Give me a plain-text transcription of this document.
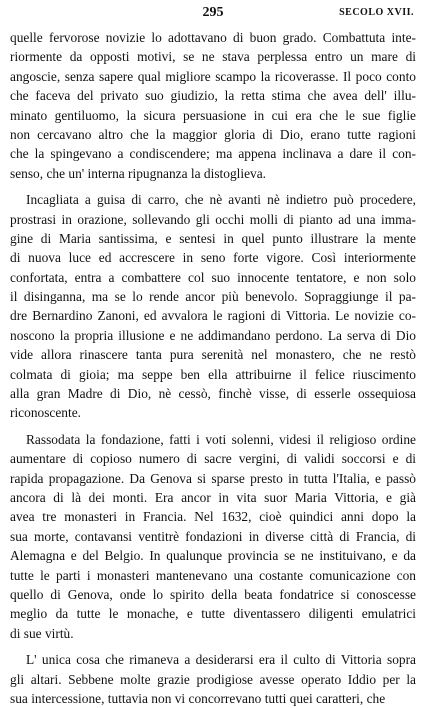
295	SECOLO XVII.
quelle fervorose novizie lo adottavano di buon grado. Combattuta inte-
riormente da opposti motivi, se ne stava perplessa entro un mare di
angoscie, senza sapere qual migliore scampo la ricoverasse. Il poco conto
che faceva del privato suo giudizio, la retta stima che avea dell' illu-
minato gentiluomo, la sicura persuasione in cui era che le sue figlie
non cercavano altro che la maggior gloria di Dio, erano tutte ragioni
che la spingevano a condiscendere; ma appena inclinava a dare il con-
senso, che un' interna ripugnanza la distoglieva.
Incagliata a guisa di carro, che nè avanti nè indietro può procedere,
prostrasi in orazione, sollevando gli occhi molli di pianto ad una imma-
gine di Maria santissima, e sentesi in quel punto illustrare la mente
di nuova luce ed accrescere in seno forte vigore. Così interiormente
confortata, entra a combattere col suo innocente tentatore, e non solo
il disinganna, ma se lo rende ancor più benevolo. Sopraggiunge il pa-
dre Bernardino Zanoni, ed avvalora le ragioni di Vittoria. Le novizie co-
noscono la propria illusione e ne addimandano perdono. La serva di Dio
vide allora rinascere tanta pura serenità nel monastero, che ne restò
colmata di gioia; ma seppe ben ella attribuirne il felice riuscimento
alla gran Madre di Dio, nè cessò, finchè visse, di esserle ossequiosa
riconoscente.
Rassodata la fondazione, fatti i voti solenni, videsi il religioso ordine
aumentare di copioso numero di sacre vergini, di validi soccorsi e di
rapida propagazione. Da Genova si sparse presto in tutta l'Italia, e passò
ancora di là dei monti. Era ancor in vita suor Maria Vittoria, e già
avea tre monasteri in Francia. Nel 1632, cioè quindici anni dopo la
sua morte, contavansi ventitrè fondazioni in diverse città di Francia, di
Alemagna e del Belgio. In qualunque provincia se ne instituivano, e da
tutte le parti i monasteri mantenevano una costante comunicazione con
quello di Genova, onde lo spirito della beata fondatrice si conoscesse
meglio da tutte le monache, e tutte diventassero diligenti emulatrici
di sue virtù.
L' unica cosa che rimaneva a desiderarsi era il culto di Vittoria sopra
gli altari. Sebbene molte grazie prodigiose avesse operato Iddio per la
sua intercessione, tuttavia non vi concorrevano tutti quei caratteri, che
